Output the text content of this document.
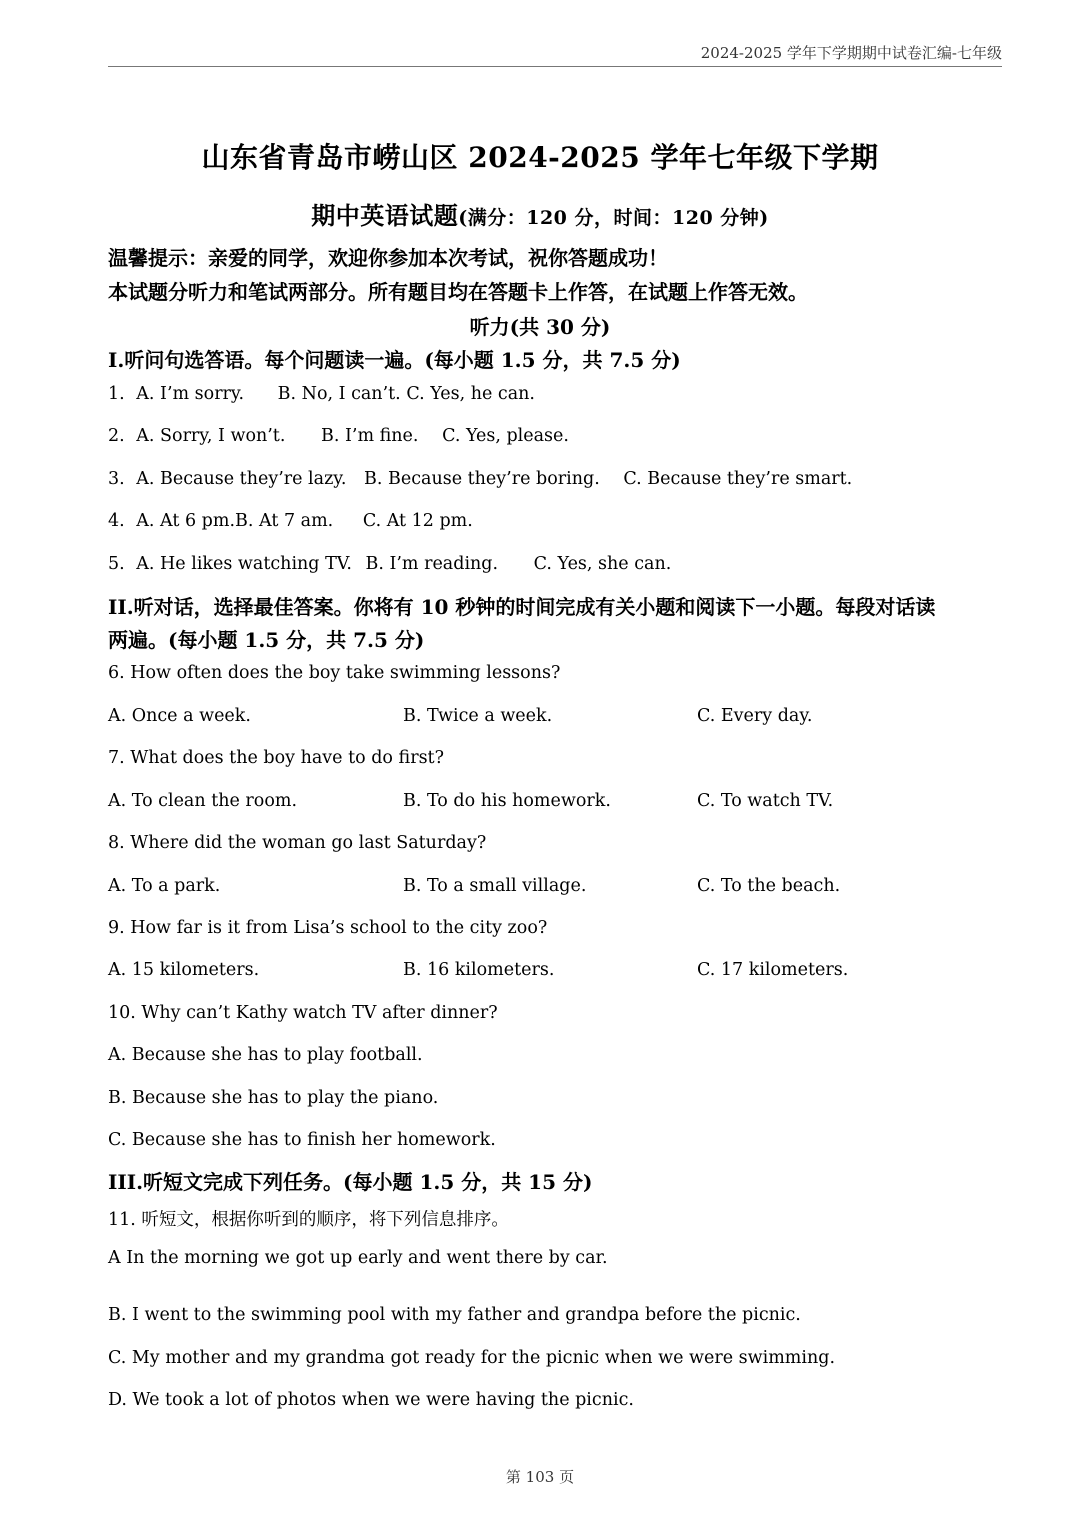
2024-2025 学年下学期期中试卷汇编-七年级
山东省青岛市崂山区 2024-2025 学年七年级下学期
期中英语试题(满分：120 分，时间：120 分钟)
温馨提示：亲爱的同学，欢迎你参加本次考试，祝你答题成功！
本试题分听力和笔试两部分。所有题目均在答题卡上作答，在试题上作答无效。
听力(共 30 分)
I.听问句选答语。每个问题读一遍。(每小题 1.5 分，共 7.5 分)
1. A. I’m sorry. B. No, I can’t. C. Yes, he can.
2. A. Sorry, I won’t. B. I’m fine. C. Yes, please.
3. A. Because they’re lazy. B. Because they’re boring. C. Because they’re smart.
4. A. At 6 pm.B. At 7 am. C. At 12 pm.
5. A. He likes watching TV. B. I’m reading. C. Yes, she can.
II.听对话，选择最佳答案。你将有 10 秒钟的时间完成有关小题和阅读下一小题。每段对话读
两遍。(每小题 1.5 分，共 7.5 分)
6. How often does the boy take swimming lessons?
A. Once a week.	B. Twice a week.	C. Every day.
7. What does the boy have to do first?
A. To clean the room.	B. To do his homework.	C. To watch TV.
8. Where did the woman go last Saturday?
A. To a park.	B. To a small village.	C. To the beach.
9. How far is it from Lisa’s school to the city zoo?
A. 15 kilometers.	B. 16 kilometers.	C. 17 kilometers.
10. Why can’t Kathy watch TV after dinner?
A. Because she has to play football.
B. Because she has to play the piano.
C. Because she has to finish her homework.
III.听短文完成下列任务。(每小题 1.5 分，共 15 分)
11. 听短文，根据你听到的顺序，将下列信息排序。
A In the morning we got up early and went there by car.
B. I went to the swimming pool with my father and grandpa before the picnic.
C. My mother and my grandma got ready for the picnic when we were swimming.
D. We took a lot of photos when we were having the picnic.
第 103 页
